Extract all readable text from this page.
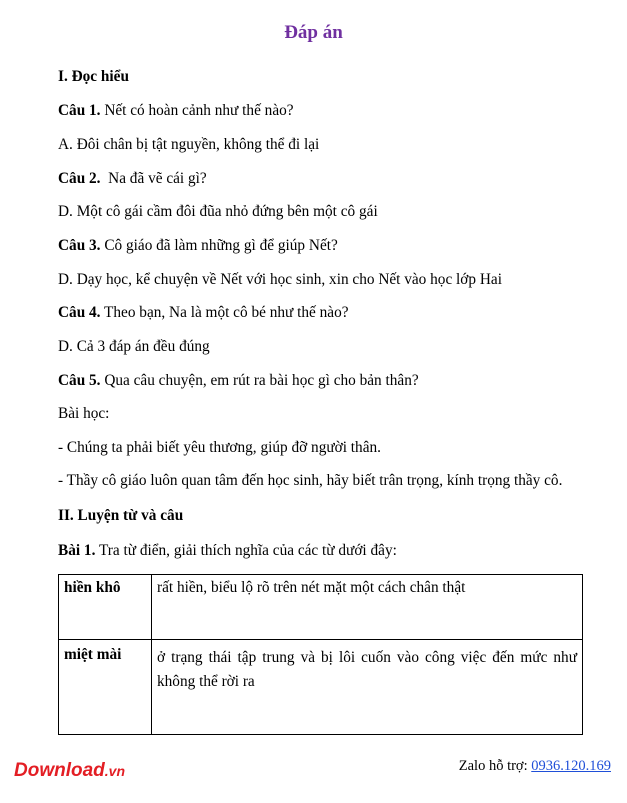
Đáp án
I. Đọc hiểu
Câu 1. Nết có hoàn cảnh như thế nào?
A. Đôi chân bị tật nguyền, không thể đi lại
Câu 2.  Na đã vẽ cái gì?
D. Một cô gái cầm đôi đũa nhỏ đứng bên một cô gái
Câu 3. Cô giáo đã làm những gì để giúp Nết?
D. Dạy học, kể chuyện về Nết với học sinh, xin cho Nết vào học lớp Hai
Câu 4. Theo bạn, Na là một cô bé như thế nào?
D. Cả 3 đáp án đều đúng
Câu 5. Qua câu chuyện, em rút ra bài học gì cho bản thân?
Bài học:
- Chúng ta phải biết yêu thương, giúp đỡ người thân.
- Thầy cô giáo luôn quan tâm đến học sinh, hãy biết trân trọng, kính trọng thầy cô.
II. Luyện từ và câu
Bài 1. Tra từ điển, giải thích nghĩa của các từ dưới đây:
hiền khô	rất hiền, biểu lộ rõ trên nét mặt một cách chân thật
miệt mài	ở trạng thái tập trung và bị lôi cuốn vào công việc đến mức như không thể rời ra
Download.vn	Zalo hỗ trợ: 0936.120.169
